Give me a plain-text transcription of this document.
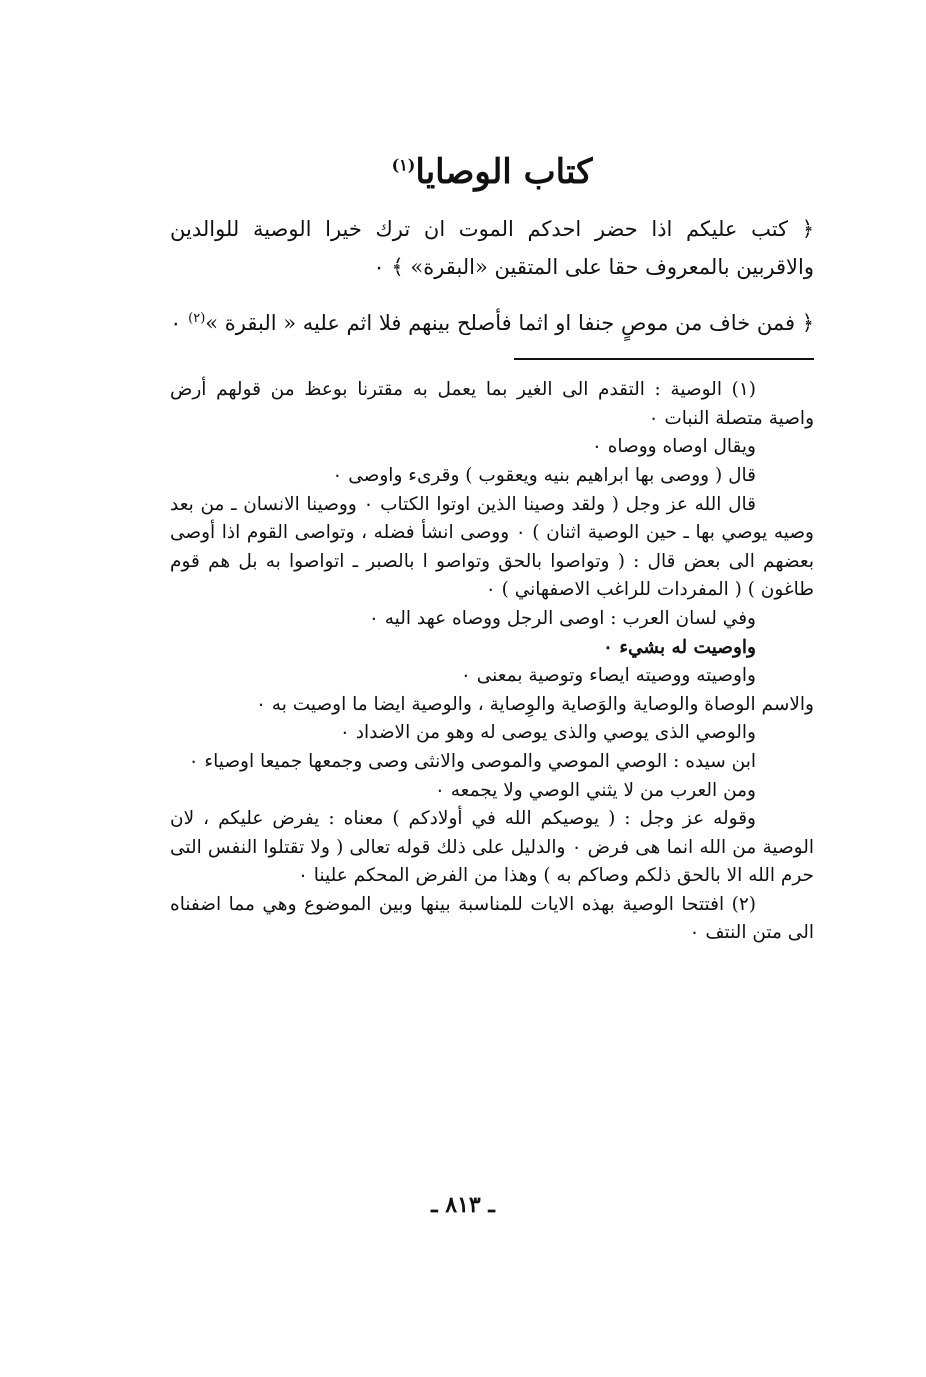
كتاب الوصايا$^{(١)}$

﴿ كتب عليكم اذا حضر احدكم الموت ان ترك خيرا الوصية للوالدين والاقربين بالمعروف حقا على المتقين «البقرة» ﴾ ٠

﴿ فمن خاف من موصٍ جنفا او اثما فأصلح بينهم فلا اثم عليه « البقرة »$^{(٢)}$ ٠

(١) الوصية : التقدم الى الغير بما يعمل به مقترنا بوعظ من قولهم أرض واصية متصلة النبات ٠

ويقال اوصاه ووصاه ٠

قال ( ووصى بها ابراهيم بنيه ويعقوب ) وقرىء واوصى ٠

قال الله عز وجل ( ولقد وصينا الذين اوتوا الكتاب ٠ ووصينا الانسان ـ من بعد وصيه يوصي بها ـ حين الوصية اثنان ) ٠ ووصى انشأ فضله ، وتواصى القوم اذا أوصى بعضهم الى بعض قال : ( وتواصوا بالحق وتواصو ا بالصبر ـ اتواصوا به بل هم قوم طاغون ) ( المفردات للراغب الاصفهاني ) ٠

وفي لسان العرب : اوصى الرجل ووصاه عهد اليه ٠

واوصيت له بشيء ٠

واوصيته ووصيته ايصاء وتوصية بمعنى ٠

والاسم الوصاة والوصاية والوَصاية والوِصاية ، والوصية ايضا ما اوصيت به ٠

والوصي الذى يوصي والذى يوصى له وهو من الاضداد ٠

ابن سيده : الوصي الموصي والموصى والانثى وصى وجمعها جميعا اوصياء ٠

ومن العرب من لا يثني الوصي ولا يجمعه ٠

وقوله عز وجل : ( يوصيكم الله في أولادكم ) معناه : يفرض عليكم ، لان الوصية من الله انما هى فرض ٠ والدليل على ذلك قوله تعالى ( ولا تقتلوا النفس التى حرم الله الا بالحق ذلكم وصاكم به ) وهذا من الفرض المحكم علينا ٠

(٢) افتتحا الوصية بهذه الايات للمناسبة بينها وبين الموضوع وهي مما اضفناه الى متن النتف ٠

ـ ٨١٣ ـ
